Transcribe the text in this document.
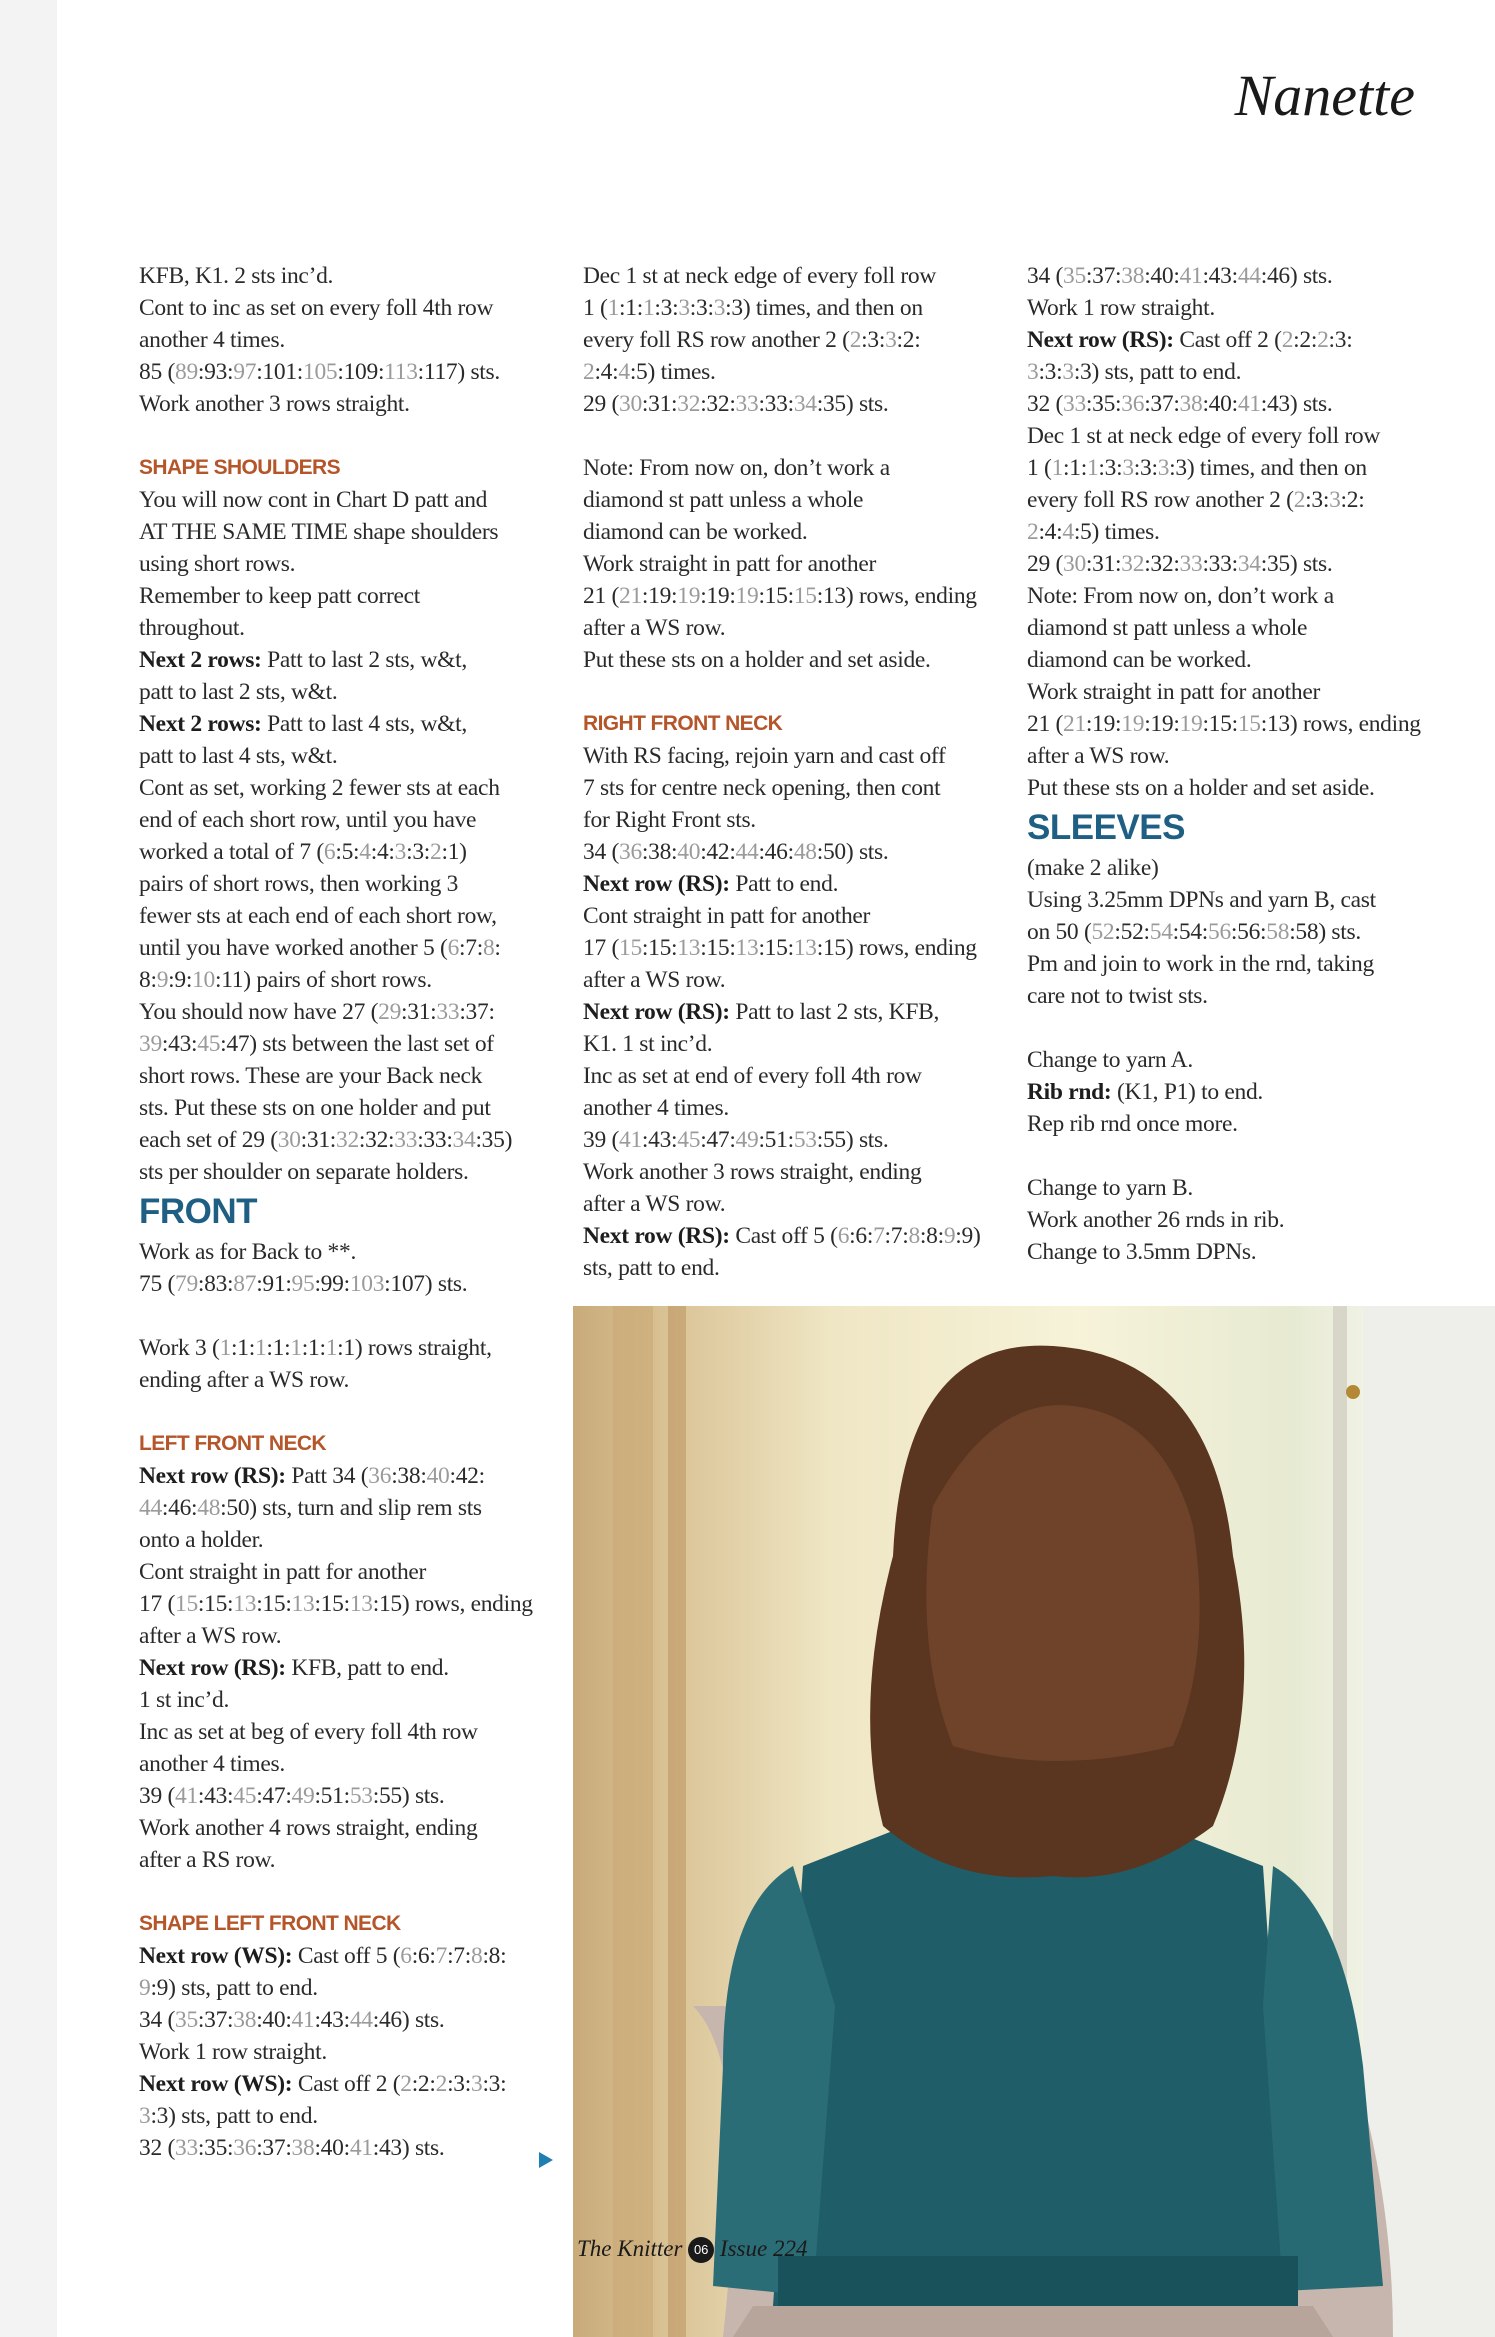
Nanette
KFB, K1. 2 sts inc’d.
Cont to inc as set on every foll 4th row
another 4 times.
85 (89:93:97:101:105:109:113:117) sts.
Work another 3 rows straight.
SHAPE SHOULDERS
You will now cont in Chart D patt and
AT THE SAME TIME shape shoulders
using short rows.
Remember to keep patt correct
throughout.
Next 2 rows: Patt to last 2 sts, w&t,
patt to last 2 sts, w&t.
Next 2 rows: Patt to last 4 sts, w&t,
patt to last 4 sts, w&t.
Cont as set, working 2 fewer sts at each
end of each short row, until you have
worked a total of 7 (6:5:4:4:3:3:2:1)
pairs of short rows, then working 3
fewer sts at each end of each short row,
until you have worked another 5 (6:7:8:
8:9:9:10:11) pairs of short rows.
You should now have 27 (29:31:33:37:
39:43:45:47) sts between the last set of
short rows. These are your Back neck
sts. Put these sts on one holder and put
each set of 29 (30:31:32:32:33:33:34:35)
sts per shoulder on separate holders.
FRONT
Work as for Back to **.
75 (79:83:87:91:95:99:103:107) sts.
Work 3 (1:1:1:1:1:1:1:1) rows straight,
ending after a WS row.
LEFT FRONT NECK
Next row (RS): Patt 34 (36:38:40:42:
44:46:48:50) sts, turn and slip rem sts
onto a holder.
Cont straight in patt for another
17 (15:15:13:15:13:15:13:15) rows, ending
after a WS row.
Next row (RS): KFB, patt to end.
1 st inc’d.
Inc as set at beg of every foll 4th row
another 4 times.
39 (41:43:45:47:49:51:53:55) sts.
Work another 4 rows straight, ending
after a RS row.
SHAPE LEFT FRONT NECK
Next row (WS): Cast off 5 (6:6:7:7:8:8:
9:9) sts, patt to end.
34 (35:37:38:40:41:43:44:46) sts.
Work 1 row straight.
Next row (WS): Cast off 2 (2:2:2:3:3:3:
3:3) sts, patt to end.
32 (33:35:36:37:38:40:41:43) sts.
Dec 1 st at neck edge of every foll row
1 (1:1:1:3:3:3:3:3) times, and then on
every foll RS row another 2 (2:3:3:2:
2:4:4:5) times.
29 (30:31:32:32:33:33:34:35) sts.
Note: From now on, don’t work a
diamond st patt unless a whole
diamond can be worked.
Work straight in patt for another
21 (21:19:19:19:19:15:15:13) rows, ending
after a WS row.
Put these sts on a holder and set aside.
RIGHT FRONT NECK
With RS facing, rejoin yarn and cast off
7 sts for centre neck opening, then cont
for Right Front sts.
34 (36:38:40:42:44:46:48:50) sts.
Next row (RS): Patt to end.
Cont straight in patt for another
17 (15:15:13:15:13:15:13:15) rows, ending
after a WS row.
Next row (RS): Patt to last 2 sts, KFB,
K1. 1 st inc’d.
Inc as set at end of every foll 4th row
another 4 times.
39 (41:43:45:47:49:51:53:55) sts.
Work another 3 rows straight, ending
after a WS row.
Next row (RS): Cast off 5 (6:6:7:7:8:8:9:9)
sts, patt to end.
34 (35:37:38:40:41:43:44:46) sts.
Work 1 row straight.
Next row (RS): Cast off 2 (2:2:2:3:
3:3:3:3) sts, patt to end.
32 (33:35:36:37:38:40:41:43) sts.
Dec 1 st at neck edge of every foll row
1 (1:1:1:3:3:3:3:3) times, and then on
every foll RS row another 2 (2:3:3:2:
2:4:4:5) times.
29 (30:31:32:32:33:33:34:35) sts.
Note: From now on, don’t work a
diamond st patt unless a whole
diamond can be worked.
Work straight in patt for another
21 (21:19:19:19:19:15:15:13) rows, ending
after a WS row.
Put these sts on a holder and set aside.
SLEEVES
(make 2 alike)
Using 3.25mm DPNs and yarn B, cast
on 50 (52:52:54:54:56:56:58:58) sts.
Pm and join to work in the rnd, taking
care not to twist sts.
Change to yarn A.
Rib rnd: (K1, P1) to end.
Rep rib rnd once more.
Change to yarn B.
Work another 26 rnds in rib.
Change to 3.5mm DPNs.
The Knitter 06 Issue 224
